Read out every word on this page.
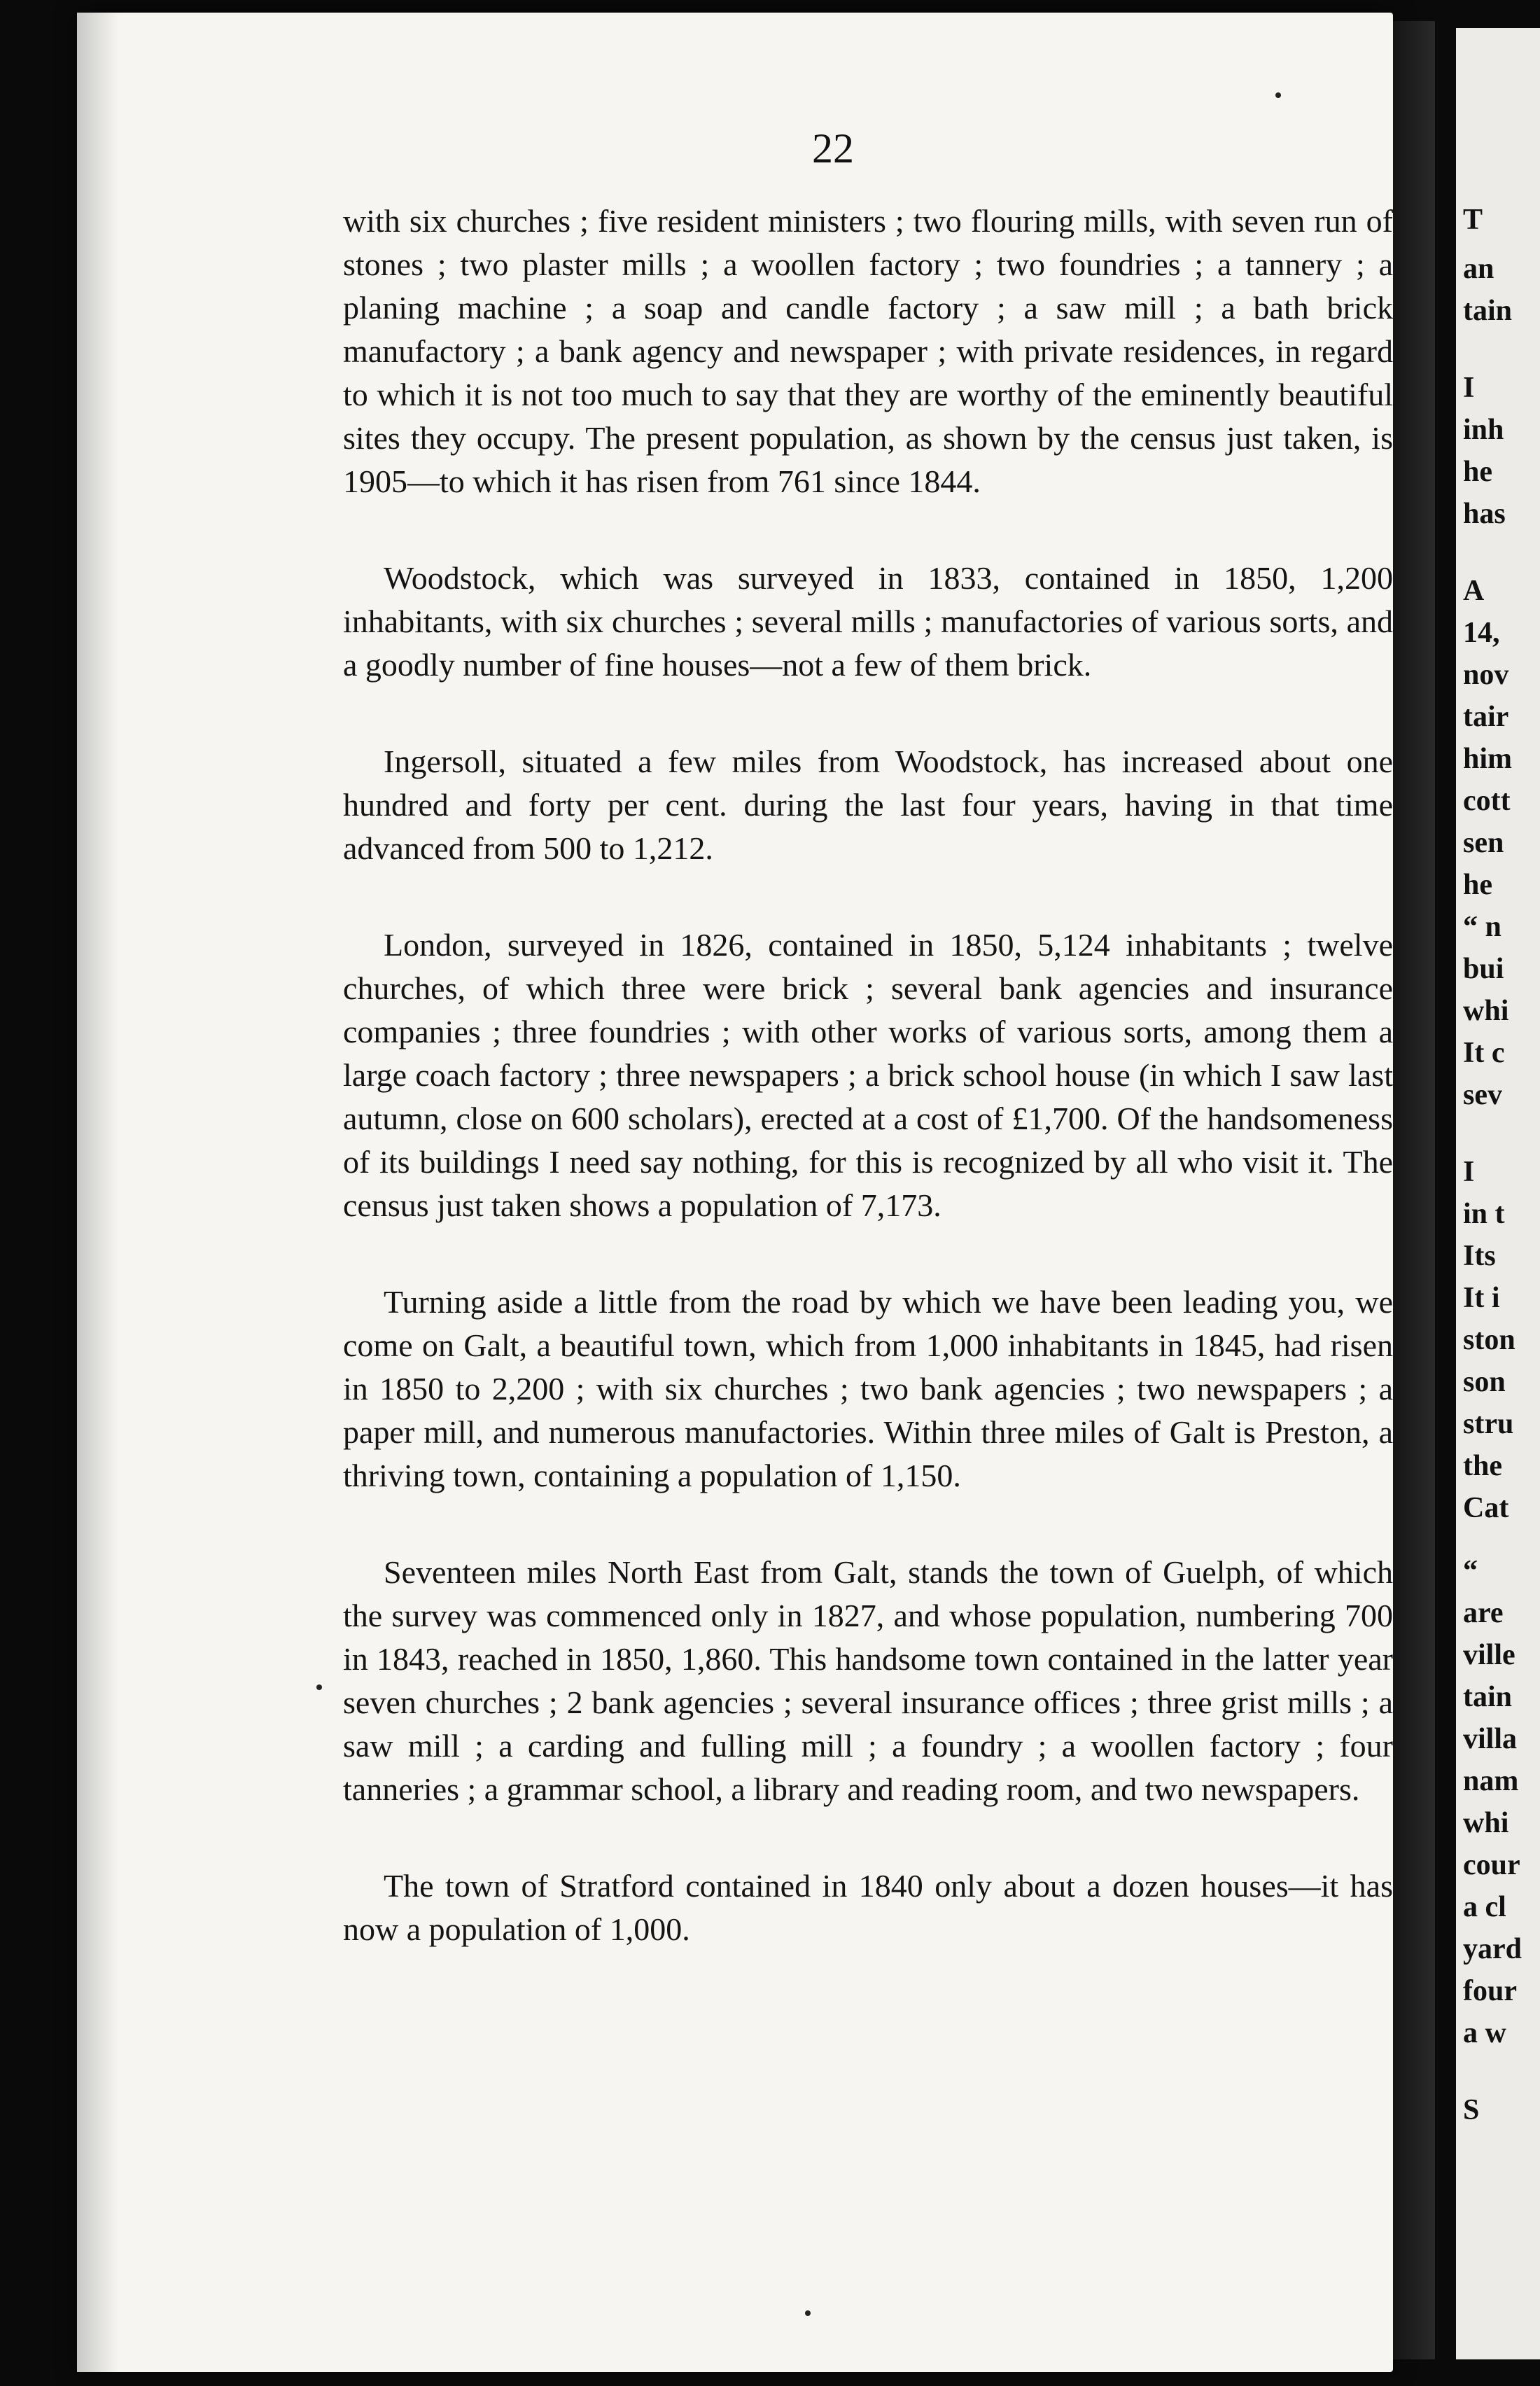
22

with six churches ; five resident ministers ; two flouring mills, with seven run of stones ; two plaster mills ; a woollen factory ; two foundries ; a tannery ; a planing machine ; a soap and candle factory ; a saw mill ; a bath brick manufactory ; a bank agency and newspaper ; with private residences, in regard to which it is not too much to say that they are worthy of the eminently beautiful sites they occupy. The present population, as shown by the census just taken, is 1905—to which it has risen from 761 since 1844.

Woodstock, which was surveyed in 1833, contained in 1850, 1,200 inhabitants, with six churches ; several mills ; manufactories of various sorts, and a goodly number of fine houses—not a few of them brick.

Ingersoll, situated a few miles from Woodstock, has increased about one hundred and forty per cent. during the last four years, having in that time advanced from 500 to 1,212.

London, surveyed in 1826, contained in 1850, 5,124 inhabitants ; twelve churches, of which three were brick ; several bank agencies and insurance companies ; three foundries ; with other works of various sorts, among them a large coach factory ; three newspapers ; a brick school house (in which I saw last autumn, close on 600 scholars), erected at a cost of £1,700. Of the handsomeness of its buildings I need say nothing, for this is recognized by all who visit it. The census just taken shows a population of 7,173.

Turning aside a little from the road by which we have been leading you, we come on Galt, a beautiful town, which from 1,000 inhabitants in 1845, had risen in 1850 to 2,200 ; with six churches ; two bank agencies ; two newspapers ; a paper mill, and numerous manufactories. Within three miles of Galt is Preston, a thriving town, containing a population of 1,150.

Seventeen miles North East from Galt, stands the town of Guelph, of which the survey was commenced only in 1827, and whose population, numbering 700 in 1843, reached in 1850, 1,860. This handsome town contained in the latter year seven churches ; 2 bank agencies ; several insurance offices ; three grist mills ; a saw mill ; a carding and fulling mill ; a foundry ; a woollen factory ; four tanneries ; a grammar school, a library and reading room, and two newspapers.

The town of Stratford contained in 1840 only about a dozen houses—it has now a population of 1,000.

T
an
tain
I
inh
he
has
A
14,
nov
tair
him
cott
sen
he
“ n
bui
whi
It c
sev
I
in t
Its
It i
ston
son
stru
the
Cat
“
are
ville
tain
villa
nam
whi
cour
a cl
yard
four
a w
S
